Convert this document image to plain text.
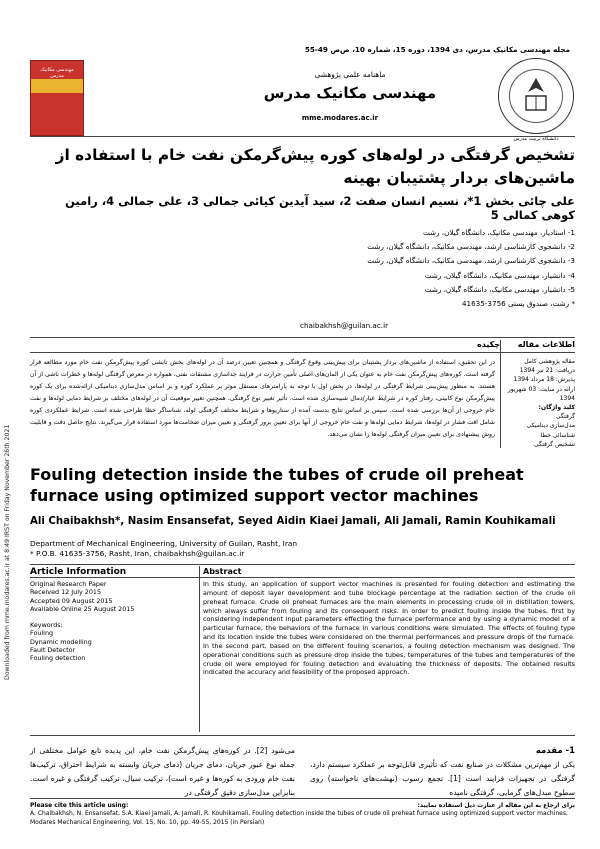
Downloaded from mme.modares.ac.ir at 8:49 IRST on Friday November 26th 2021
مجله مهندسی مکانیک مدرس، دی 1394، دوره 15، شماره 10، ص‌ص 49-55
مهندسی مکانیک مدرس	ماهنامه علمی پژوهشی
مهندسی مکانیک مدرس
mme.modares.ac.ir
دانشگاه تربیت مدرس
تشخیص گرفتگی در لوله‌های کوره پیش‌گرمکن نفت خام با استفاده از ماشین‌های بردار پشتیبان بهینه
علی چائی بخش 1*، نسیم انسان صفت 2، سید آیدین کیائی جمالی 3، علی جمالی 4، رامین کوهی کمالی 5
1- استادیار، مهندسی مکانیک، دانشگاه گیلان، رشت
2- دانشجوی کارشناسی ارشد، مهندسی مکانیک، دانشگاه گیلان، رشت
3- دانشجوی کارشناسی ارشد، مهندسی مکانیک، دانشگاه گیلان، رشت
4- دانشیار، مهندسی مکانیک، دانشگاه گیلان، رشت
5- دانشیار، مهندسی مکانیک، دانشگاه گیلان، رشت
* رشت، صندوق پستی 3756-41635
chaibakhsh@guilan.ac.ir
اطلاعات مقاله
چکیده
مقاله پژوهشی کامل
دریافت: 21 تیر 1394
پذیرش: 18 مرداد 1394
ارائه در سایت: 03 شهریور 1394
کلید واژگان:
گرفتگی
مدل‌سازی دینامیکی
شناسائی خطا
تشخیص گرفتگی
در این تحقیق، استفاده از ماشین‌های بردار پشتیبان برای پیش‌بینی وقوع گرفتگی و همچنین تعیین درصد آن در لوله‌های بخش تابشی کوره پیش‌گرمکن نفت خام مورد مطالعه قرار گرفته است. کوره‌های پیش‌گرمکن نفت خام به عنوان یکی از المان‌های اصلی تأمین حرارت در فرایند جداسازی مشتقات نفتی، همواره در معرض گرفتگی لوله‌ها و خطرات ناشی از آن هستند. به منظور پیش‌بینی شرایط گرفتگی در لوله‌ها، در بخش اول با توجه به پارامترهای مستقل موثر بر عملکرد کوره و بر اساس مدل‌سازی دینامیکی ارائه‌شده برای یک کوره پیش‌گرمکن نوع کابینی، رفتار کوره در شرایط عیار/دمال شبیه‌سازی شده است. تأثیر تغییر نوع گرفتگی، همچنین تغییر موقعیت آن در لوله‌های مختلف بر شرایط دمایی لوله‌ها و نفت خام خروجی از آن‌ها بررسی شده است. سپس بر اساس نتایج بدست آمده از سناریوها و شرایط مختلف گرفتگی لوله، شناساگر خطا طراحی شده است. شرایط عملکردی کوره شامل افت فشار در لوله‌ها، شرایط دمایی لوله‌ها و نفت خام خروجی از آنها برای تعیین بروز گرفتگی و تعیین میزان ضخامت‌ها مورد استفاده قرار می‌گیرند. نتایج حاصل دقت و قابلیت روش پیشنهادی برای تعیین میزان گرفتگی لوله‌ها را نشان می‌دهد.
Fouling detection inside the tubes of crude oil preheat furnace using optimized support vector machines
Ali Chaibakhsh*, Nasim Ensansefat, Seyed Aidin Kiaei Jamali, Ali Jamali, Ramin Kouhikamali
Department of Mechanical Engineering, University of Guilan, Rasht, Iran
* P.O.B. 41635-3756, Rasht, Iran, chaibakhsh@guilan.ac.ir
Article Information	Abstract
Original Research Paper
Received 12 July 2015
Accepted 09 August 2015
Available Online 25 August 2015
Keywords:
Fouling
Dynamic modelling
Fault Detector
Fouling detection
In this study, an application of support vector machines is presented for fouling detection and estimating the amount of deposit layer development and tube blockage percentage at the radiation section of the crude oil preheat furnace. Crude oil preheat furnaces are the main elements in processing crude oil in distillation towers, which always suffer from fouling and its consequent risks. In order to predict fouling inside the tubes, first by considering independent input parameters effecting the furnace performance and by using a dynamic model of a particular furnace, the behaviors of the furnace in various conditions were simulated. The effects of fouling type and its location inside the tubes were considered on the thermal performances and pressure drops of the furnace. In the second part, based on the different fouling scenarios, a fouling detection mechanism was designed. The operational conditions such as pressure drop inside the tubes, temperatures of the tubes and temperatures of the crude oil were employed for fouling detection and evaluating the thickness of deposits. The obtained results indicated the accuracy and feasibility of the proposed approach.
1- مقدمه
یکی از مهم‌ترین مشکلات در صنایع نفت که تأثیری قابل‌توجه بر عملکرد سیستم دارد، گرفتگی در تجهیزات فرایند است [1]. تجمع رسوب (نهشت‌های ناخواسته) روی سطوح مبدل‌های گرمایی، گرفتگی نامیده
می‌شود [2]. در کوره‌های پیش‌گرمکن نفت خام، این پدیده تابع عوامل مختلفی از جمله نوع عبور جریان، دمای جریان (دمای جریان وابسته به شرایط احتراق، ترکیب‌ها نفت خام ورودی به کوره‌ها و غیره است)، ترکیب سیال، ترکیب گرفتگی و غیره است. بنابراین مدل‌سازی دقیق گرفتگی در
Please cite this article using:	برای ارجاع به این مقاله از عبارت ذیل استفاده نمایید:
A. Chaibakhsh, N. Ensansefat, S.A. Kiaei Jamali, A. Jamali, R. Kouhikamali, Fouling detection inside the tubes of crude oil preheat furnace using optimized support vector machines, Modares Mechanical Engineering, Vol. 15, No. 10, pp. 49-55, 2015 (in Persian)
